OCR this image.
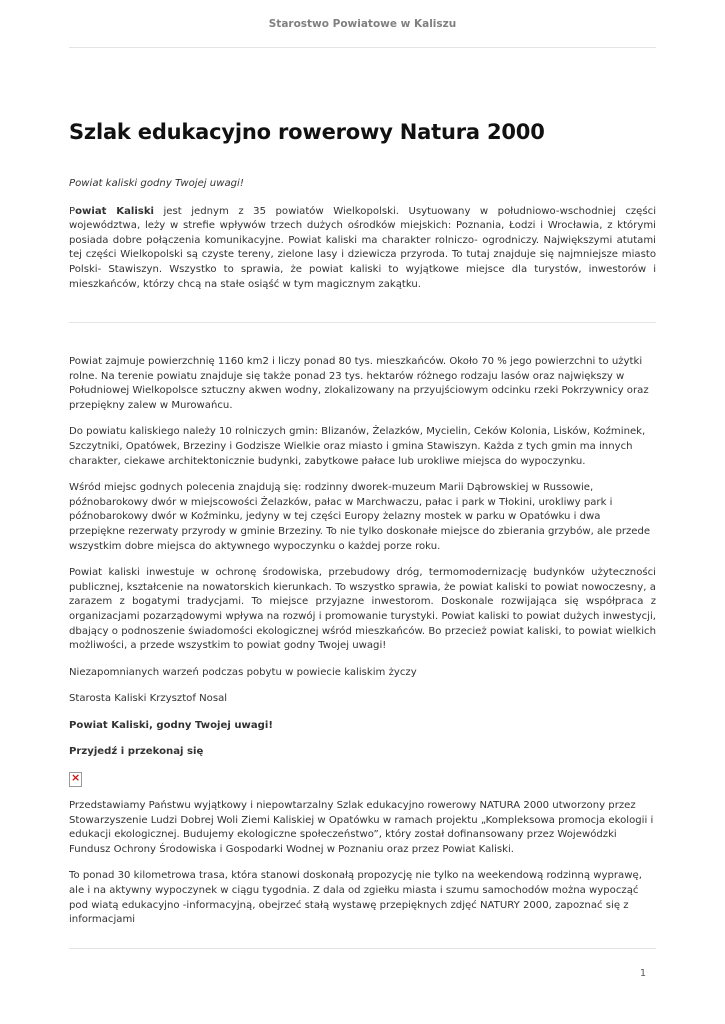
Starostwo Powiatowe w Kaliszu
Szlak edukacyjno rowerowy Natura 2000

Powiat kaliski godny Twojej uwagi!

Powiat Kaliski jest jednym z 35 powiatów Wielkopolski. Usytuowany w południowo-wschodniej części województwa, leży w strefie wpływów trzech dużych ośrodków miejskich: Poznania, Łodzi i Wrocławia, z którymi posiada dobre połączenia komunikacyjne. Powiat kaliski ma charakter rolniczo- ogrodniczy. Największymi atutami tej części Wielkopolski są czyste tereny, zielone lasy i dziewicza przyroda. To tutaj znajduje się najmniejsze miasto Polski- Stawiszyn. Wszystko to sprawia, że powiat kaliski to wyjątkowe miejsce dla turystów, inwestorów i mieszkańców, którzy chcą na stałe osiąść w tym magicznym zakątku.

Powiat zajmuje powierzchnię 1160 km2 i liczy ponad 80 tys. mieszkańców. Około 70 % jego powierzchni to użytki rolne. Na terenie powiatu znajduje się także ponad 23 tys. hektarów różnego rodzaju lasów oraz największy w Południowej Wielkopolsce sztuczny akwen wodny, zlokalizowany na przyujściowym odcinku rzeki Pokrzywnicy oraz przepiękny zalew w Murowańcu.

Do powiatu kaliskiego należy 10 rolniczych gmin: Blizanów, Żelazków, Mycielin, Ceków Kolonia, Lisków, Koźminek, Szczytniki, Opatówek, Brzeziny i Godzisze Wielkie oraz miasto i gmina Stawiszyn. Każda z tych gmin ma innych charakter, ciekawe architektonicznie budynki, zabytkowe pałace lub urokliwe miejsca do wypoczynku.

Wśród miejsc godnych polecenia znajdują się: rodzinny dworek-muzeum Marii Dąbrowskiej w Russowie, późnobarokowy dwór w miejscowości Żelazków, pałac w Marchwaczu, pałac i park w Tłokini, urokliwy park i późnobarokowy dwór w Koźminku, jedyny w tej części Europy żelazny mostek w parku w Opatówku i dwa przepiękne rezerwaty przyrody w gminie Brzeziny. To nie tylko doskonałe miejsce do zbierania grzybów, ale przede wszystkim dobre miejsca do aktywnego wypoczynku o każdej porze roku.

Powiat kaliski inwestuje w ochronę środowiska, przebudowy dróg, termomodernizację budynków użyteczności publicznej, kształcenie na nowatorskich kierunkach. To wszystko sprawia, że powiat kaliski to powiat nowoczesny, a zarazem z bogatymi tradycjami. To miejsce przyjazne inwestorom. Doskonale rozwijająca się współpraca z organizacjami pozarządowymi wpływa na rozwój i promowanie turystyki. Powiat kaliski to powiat dużych inwestycji, dbający o podnoszenie świadomości ekologicznej wśród mieszkańców. Bo przecież powiat kaliski, to powiat wielkich możliwości, a przede wszystkim to powiat godny Twojej uwagi!

Niezapomnianych warzeń podczas pobytu w powiecie kaliskim życzy

Starosta Kaliski Krzysztof Nosal

Powiat Kaliski, godny Twojej uwagi!

Przyjedź i przekonaj się

×

Przedstawiamy Państwu wyjątkowy i niepowtarzalny Szlak edukacyjno rowerowy NATURA 2000 utworzony przez Stowarzyszenie Ludzi Dobrej Woli Ziemi Kaliskiej w Opatówku w ramach projektu „Kompleksowa promocja ekologii i edukacji ekologicznej. Budujemy ekologiczne społeczeństwo”, który został dofinansowany przez Wojewódzki Fundusz Ochrony Środowiska i Gospodarki Wodnej w Poznaniu oraz przez Powiat Kaliski.

To ponad 30 kilometrowa trasa, która stanowi doskonałą propozycję nie tylko na weekendową rodzinną wyprawę, ale i na aktywny wypoczynek w ciągu tygodnia. Z dala od zgiełku miasta i szumu samochodów można wypocząć pod wiatą edukacyjno -informacyjną, obejrzeć stałą wystawę przepięknych zdjęć NATURY 2000, zapoznać się z informacjami

1
